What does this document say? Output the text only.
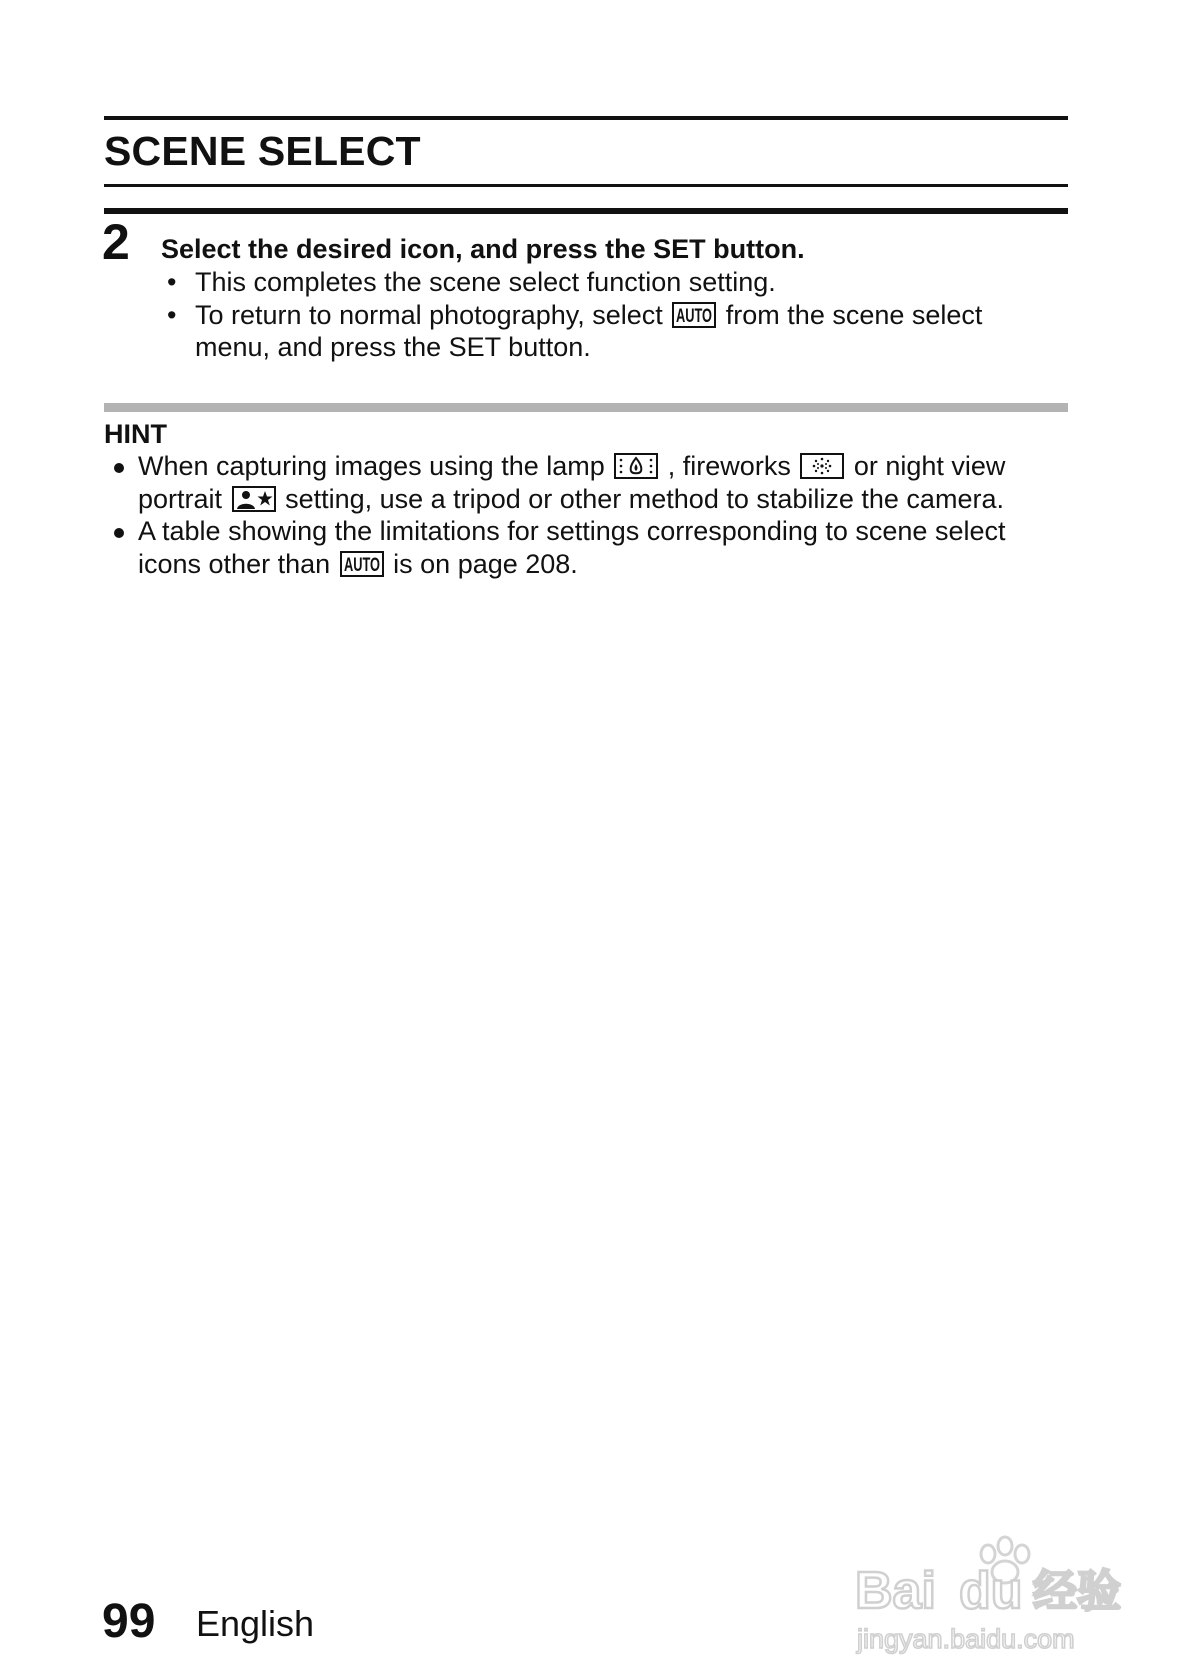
SCENE SELECT
2 Select the desired icon, and press the SET button.
• This completes the scene select function setting.
• To return to normal photography, select AUTO from the scene select menu, and press the SET button.
HINT
When capturing images using the lamp , fireworks or night view portrait setting, use a tripod or other method to stabilize the camera.
A table showing the limitations for settings corresponding to scene select icons other than AUTO is on page 208.
99 English
Bai du 经验
jingyan.baidu.com
